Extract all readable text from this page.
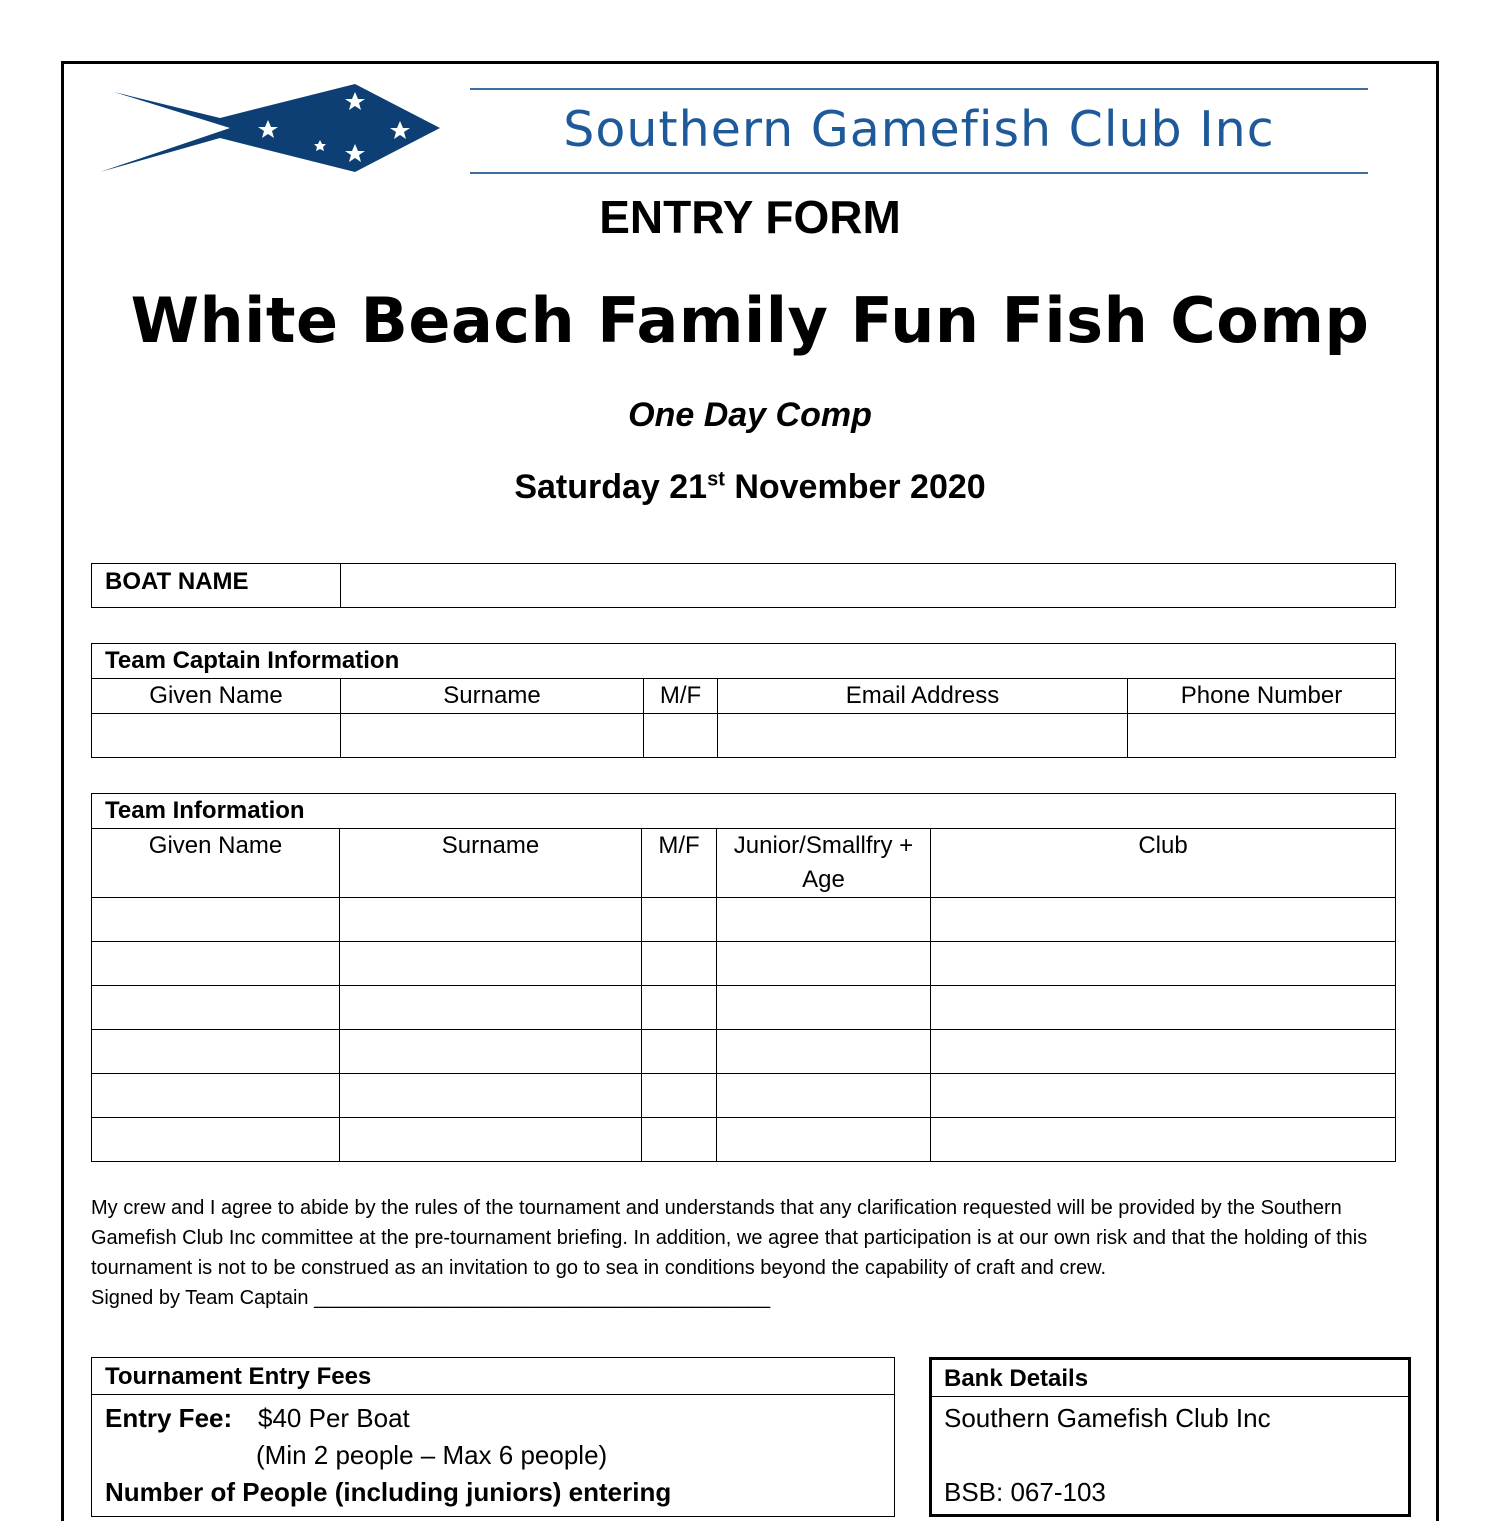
Southern Gamefish Club Inc
ENTRY FORM
White Beach Family Fun Fish Comp
One Day Comp
Saturday 21st November 2020
BOAT NAME	
Team Captain Information				
Given Name	Surname	M/F	Email Address	Phone Number

Team Information				
Given Name	Surname	M/F	Junior/Smallfry + Age	Club

My crew and I agree to abide by the rules of the tournament and understands that any clarification requested will be provided by the Southern Gamefish Club Inc committee at the pre-tournament briefing. In addition, we agree that participation is at our own risk and that the holding of this tournament is not to be construed as an invitation to go to sea in conditions beyond the capability of craft and crew.
Signed by Team Captain _________________________________________
Tournament Entry Fees
Entry Fee: $40 Per Boat
(Min 2 people – Max 6 people)
Number of People (including juniors) entering
Bank Details
Southern Gamefish Club Inc
BSB: 067-103
